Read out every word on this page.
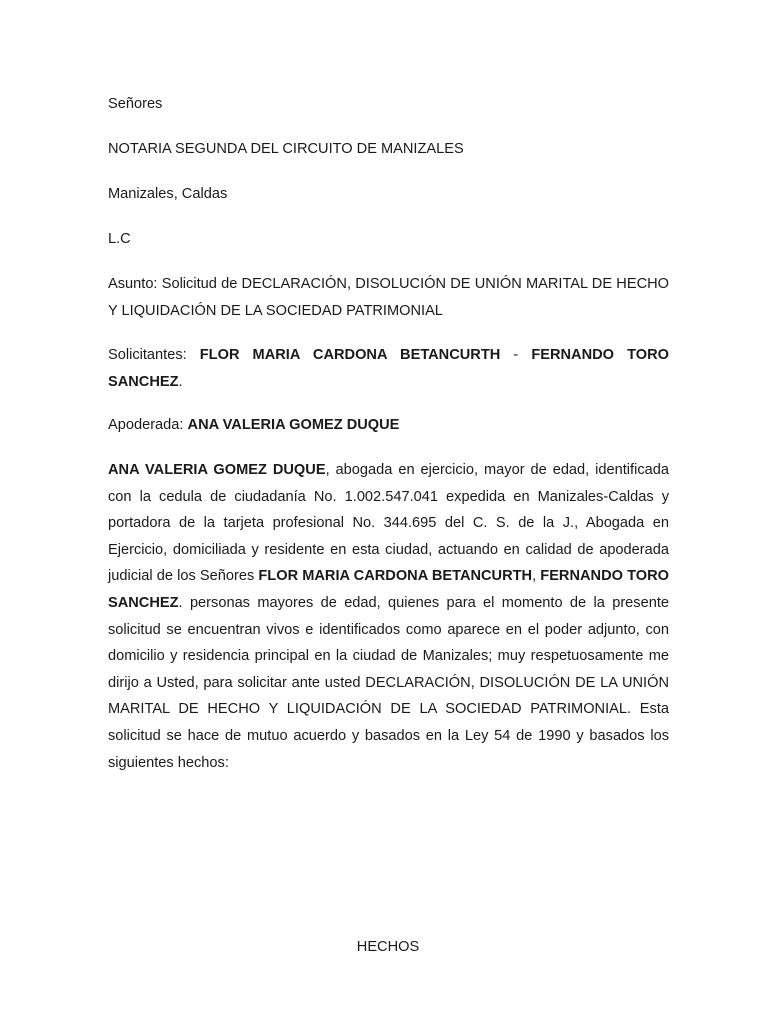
Señores

NOTARIA SEGUNDA DEL CIRCUITO DE MANIZALES

Manizales, Caldas

L.C

Asunto: Solicitud de DECLARACIÓN, DISOLUCIÓN DE UNIÓN MARITAL DE HECHO Y LIQUIDACIÓN DE LA SOCIEDAD PATRIMONIAL

Solicitantes: FLOR MARIA CARDONA BETANCURTH - FERNANDO TORO SANCHEZ.

Apoderada: ANA VALERIA GOMEZ DUQUE

ANA VALERIA GOMEZ DUQUE, abogada en ejercicio, mayor de edad, identificada con la cedula de ciudadanía No. 1.002.547.041 expedida en Manizales-Caldas y portadora de la tarjeta profesional No. 344.695 del C. S. de la J., Abogada en Ejercicio, domiciliada y residente en esta ciudad, actuando en calidad de apoderada judicial de los Señores FLOR MARIA CARDONA BETANCURTH, FERNANDO TORO SANCHEZ. personas mayores de edad, quienes para el momento de la presente solicitud se encuentran vivos e identificados como aparece en el poder adjunto, con domicilio y residencia principal en la ciudad de Manizales; muy respetuosamente me dirijo a Usted, para solicitar ante usted DECLARACIÓN, DISOLUCIÓN DE LA UNIÓN MARITAL DE HECHO Y LIQUIDACIÓN DE LA SOCIEDAD PATRIMONIAL. Esta solicitud se hace de mutuo acuerdo y basados en la Ley 54 de 1990 y basados los siguientes hechos:

HECHOS
